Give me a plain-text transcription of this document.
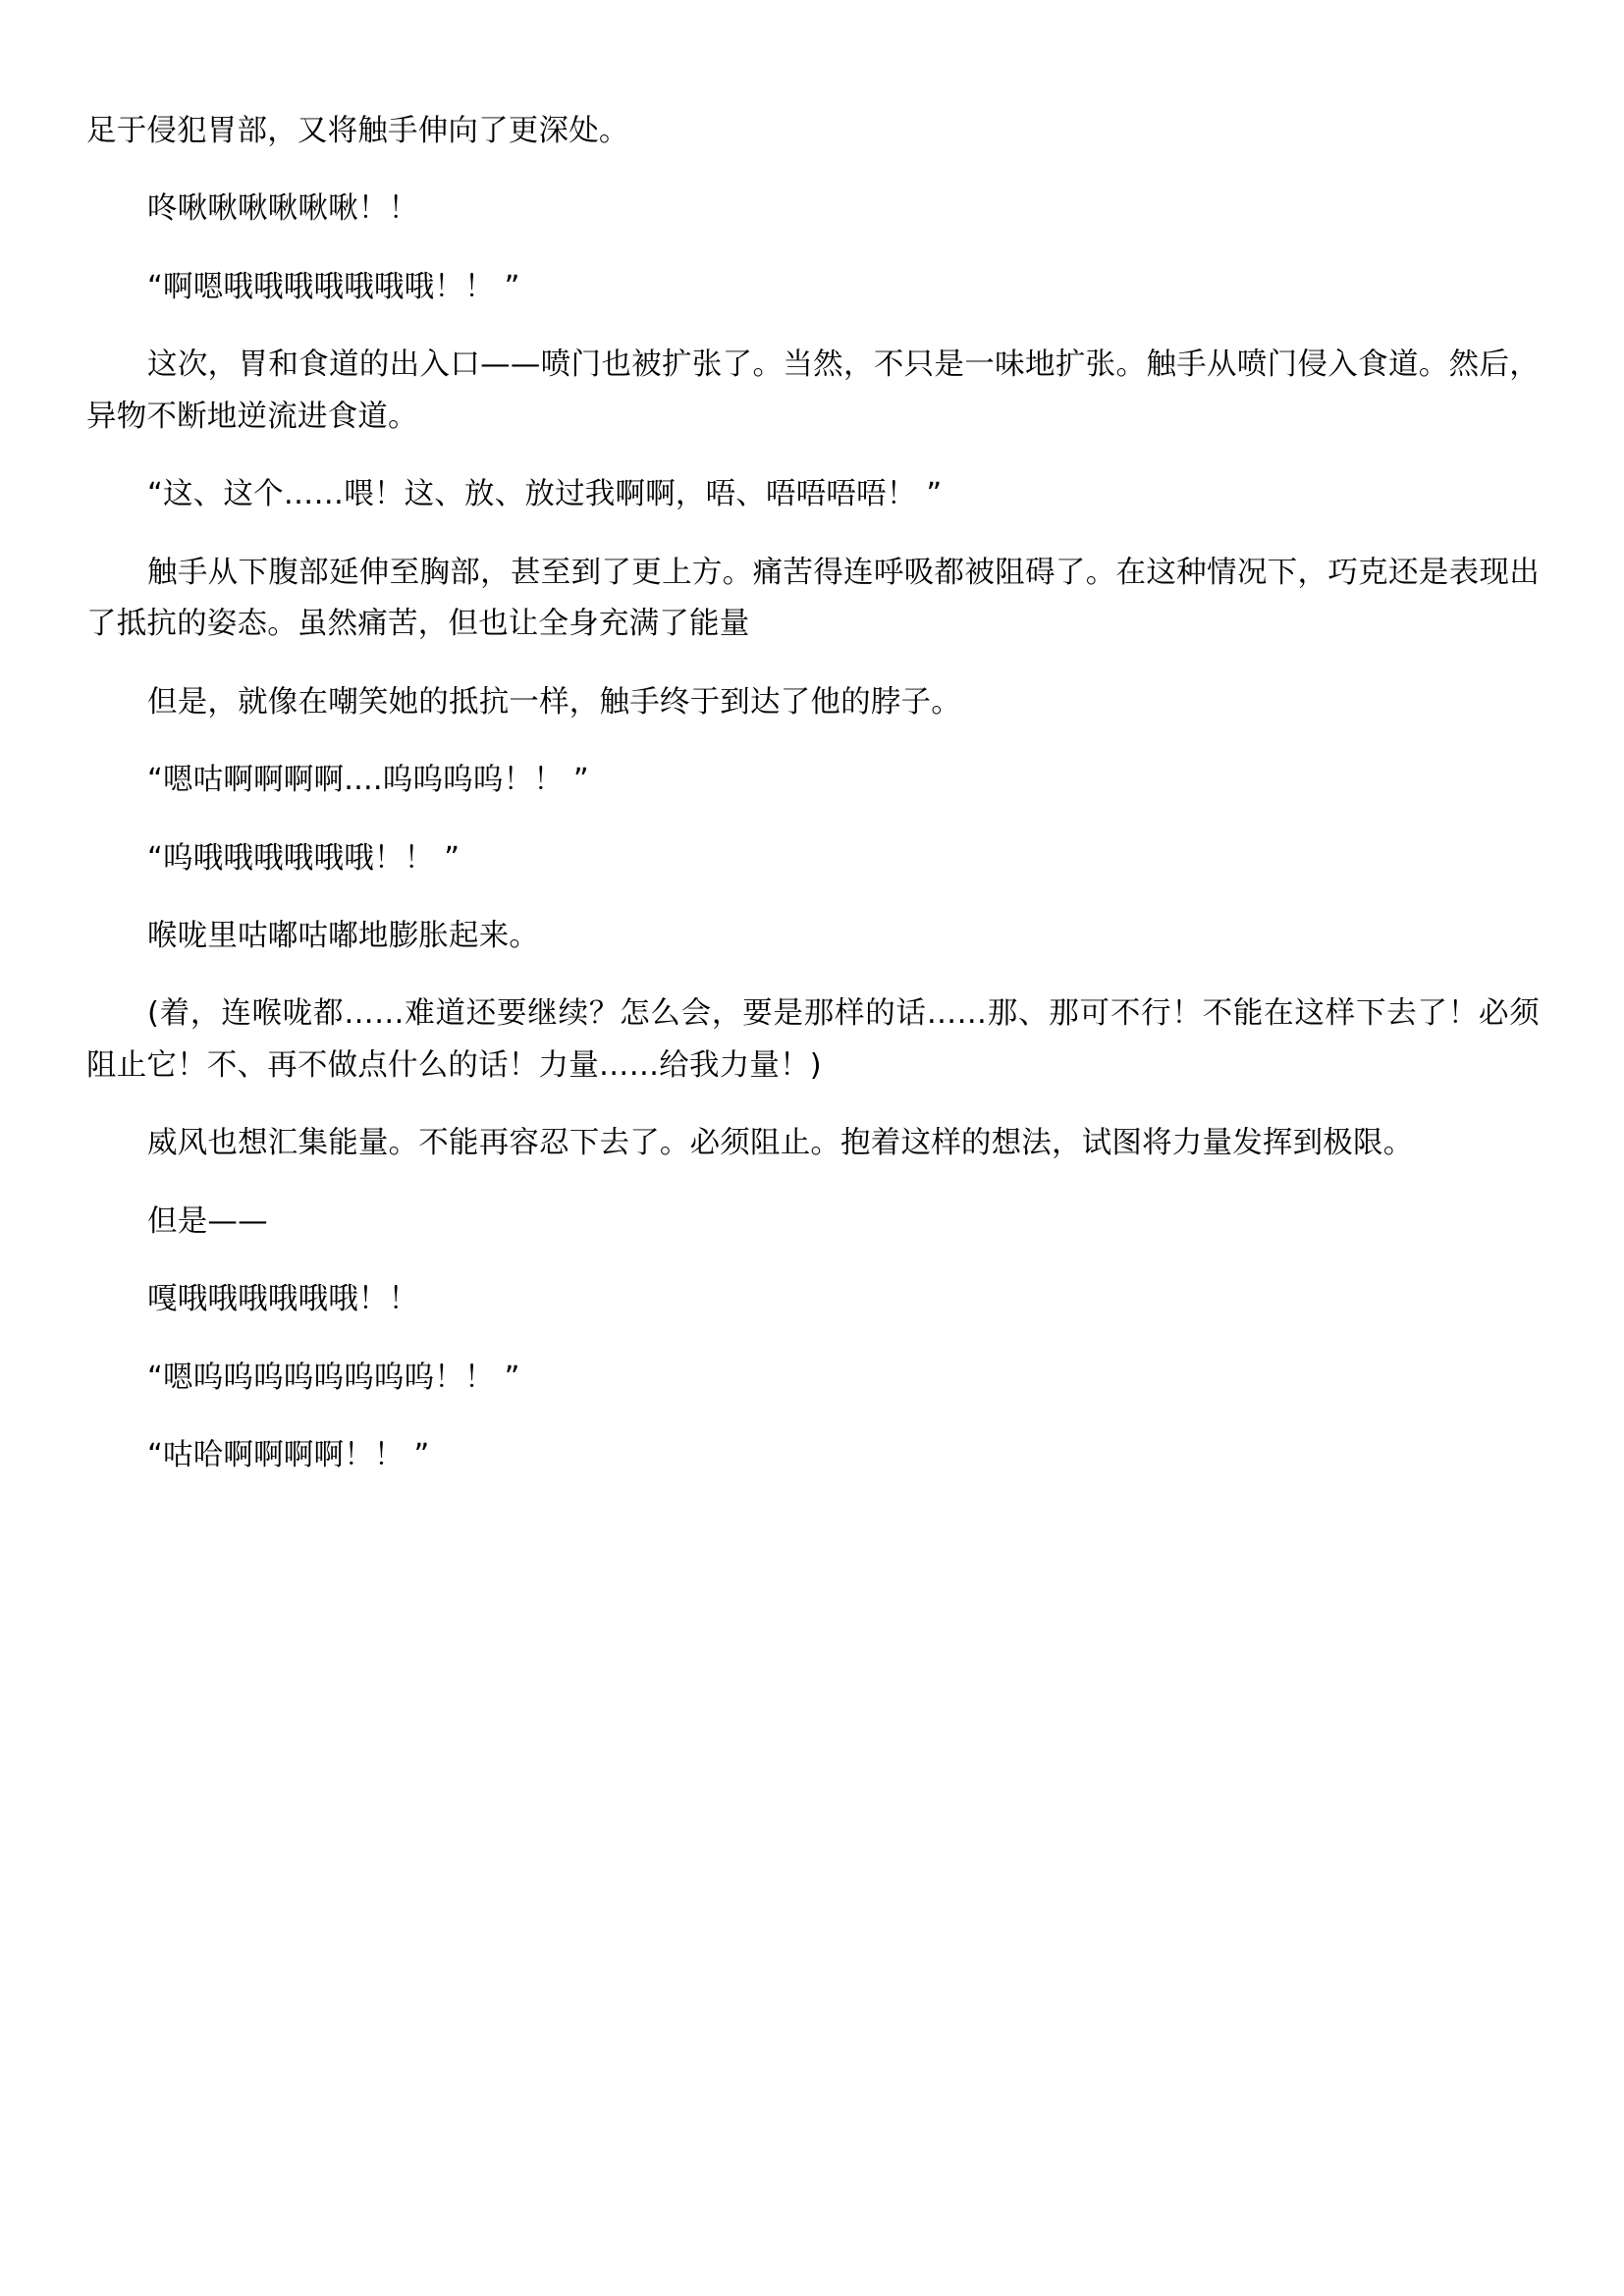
足于侵犯胃部，又将触手伸向了更深处。

咚啾啾啾啾啾啾！！

“啊嗯哦哦哦哦哦哦哦！！ ”

这次，胃和食道的出入口——喷门也被扩张了。当然，不只是一味地扩张。触手从喷门侵入食道。然后，异物不断地逆流进食道。

“这、这个……喂！这、放、放过我啊啊，唔、唔唔唔唔！ ”

触手从下腹部延伸至胸部，甚至到了更上方。痛苦得连呼吸都被阻碍了。在这种情况下，巧克还是表现出了抵抗的姿态。虽然痛苦，但也让全身充满了能量

但是，就像在嘲笑她的抵抗一样，触手终于到达了他的脖子。

“嗯咕啊啊啊啊....呜呜呜呜！！ ”

“呜哦哦哦哦哦哦！！ ”

喉咙里咕嘟咕嘟地膨胀起来。

(着，连喉咙都……难道还要继续？怎么会，要是那样的话……那、那可不行！不能在这样下去了！必须阻止它！不、再不做点什么的话！力量……给我力量！)

威风也想汇集能量。不能再容忍下去了。必须阻止。抱着这样的想法，试图将力量发挥到极限。

但是——

嘎哦哦哦哦哦哦！！

“嗯呜呜呜呜呜呜呜呜！！ ”

“咕哈啊啊啊啊！！ ”
